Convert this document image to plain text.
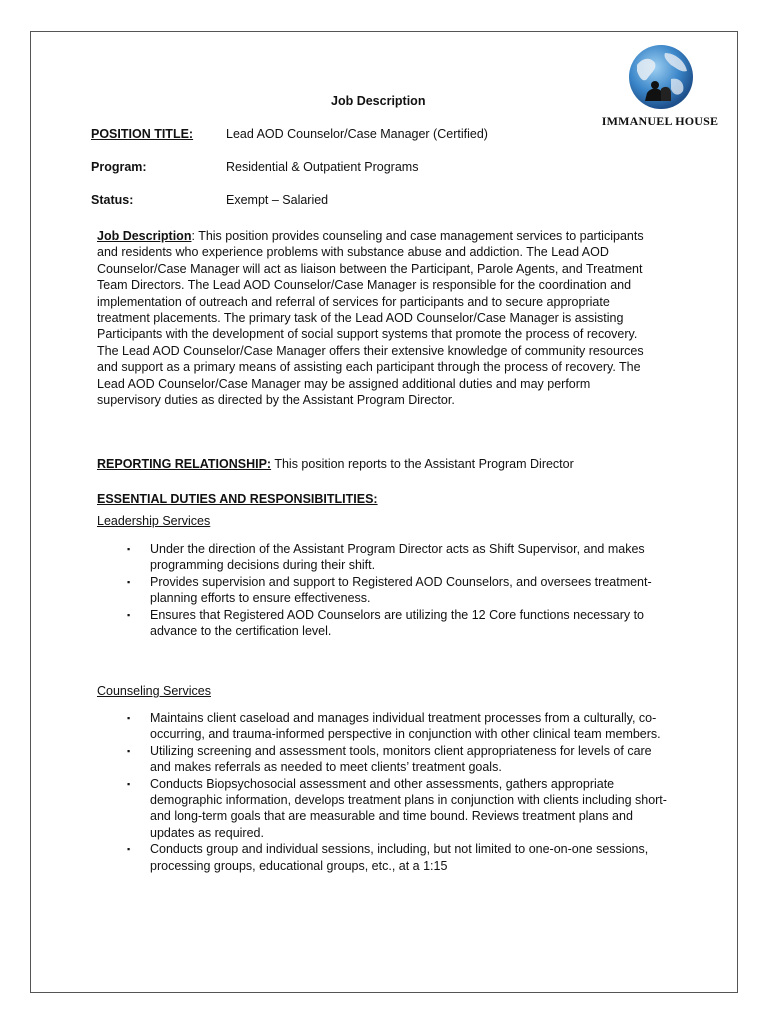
IMMANUEL HOUSE
Job Description
POSITION TITLE:	Lead AOD Counselor/Case Manager (Certified)
Program:	Residential & Outpatient Programs
Status:	Exempt – Salaried
Job Description: This position provides counseling and case management services to participants and residents who experience problems with substance abuse and addiction. The Lead AOD Counselor/Case Manager will act as liaison between the Participant, Parole Agents, and Treatment Team Directors. The Lead AOD Counselor/Case Manager is responsible for the coordination and implementation of outreach and referral of services for participants and to secure appropriate treatment placements. The primary task of the Lead AOD Counselor/Case Manager is assisting Participants with the development of social support systems that promote the process of recovery. The Lead AOD Counselor/Case Manager offers their extensive knowledge of community resources and support as a primary means of assisting each participant through the process of recovery. The Lead AOD Counselor/Case Manager may be assigned additional duties and may perform supervisory duties as directed by the Assistant Program Director.
REPORTING RELATIONSHIP: This position reports to the Assistant Program Director
ESSENTIAL DUTIES AND RESPONSIBITLITIES:
Leadership Services
▪ Under the direction of the Assistant Program Director acts as Shift Supervisor, and makes programming decisions during their shift.
▪ Provides supervision and support to Registered AOD Counselors, and oversees treatment-planning efforts to ensure effectiveness.
▪ Ensures that Registered AOD Counselors are utilizing the 12 Core functions necessary to advance to the certification level.
Counseling Services
▪ Maintains client caseload and manages individual treatment processes from a culturally, co-occurring, and trauma-informed perspective in conjunction with other clinical team members.
▪ Utilizing screening and assessment tools, monitors client appropriateness for levels of care and makes referrals as needed to meet clients’ treatment goals.
▪ Conducts Biopsychosocial assessment and other assessments, gathers appropriate demographic information, develops treatment plans in conjunction with clients including short- and long-term goals that are measurable and time bound. Reviews treatment plans and updates as required.
▪ Conducts group and individual sessions, including, but not limited to one-on-one sessions, processing groups, educational groups, etc., at a 1:15
